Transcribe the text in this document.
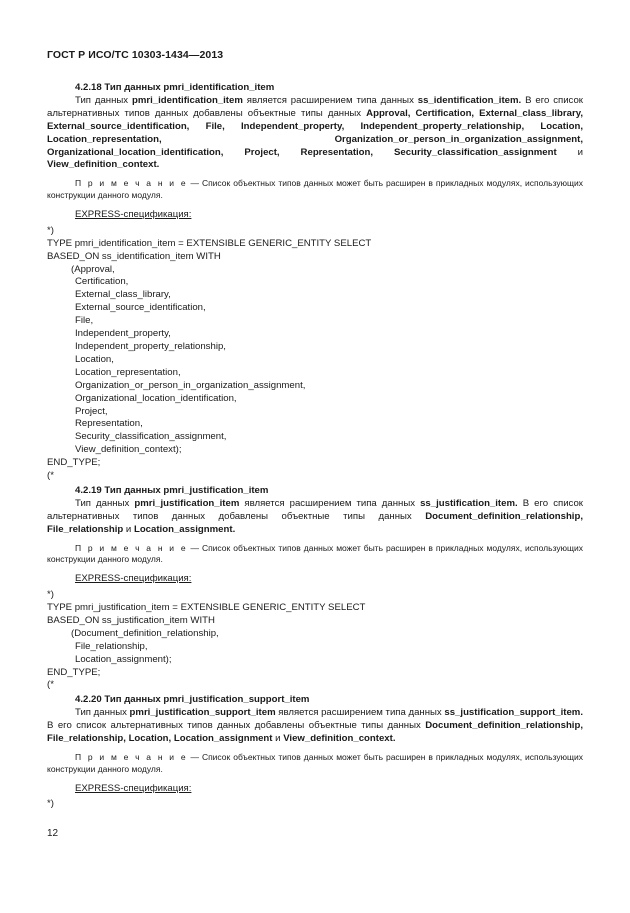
ГОСТ Р ИСО/ТС 10303-1434—2013
4.2.18 Тип данных pmri_identification_item
Тип данных pmri_identification_item является расширением типа данных ss_identification_item. В его список альтернативных типов данных добавлены объектные типы данных Approval, Certification, External_class_library, External_source_identification, File, Independent_property, Independent_property_relationship, Location, Location_representation, Organization_or_person_in_organization_assignment, Organizational_location_identification, Project, Representation, Security_classification_assignment и View_definition_context.
П р и м е ч а н и е — Список объектных типов данных может быть расширен в прикладных модулях, использующих конструкции данного модуля.
EXPRESS-спецификация:
*)
TYPE pmri_identification_item = EXTENSIBLE GENERIC_ENTITY SELECT
BASED_ON ss_identification_item WITH
(Approval,
Certification,
External_class_library,
External_source_identification,
File,
Independent_property,
Independent_property_relationship,
Location,
Location_representation,
Organization_or_person_in_organization_assignment,
Organizational_location_identification,
Project,
Representation,
Security_classification_assignment,
View_definition_context);
END_TYPE;
(*
4.2.19 Тип данных pmri_justification_item
Тип данных pmri_justification_item является расширением типа данных ss_justification_item. В его список альтернативных типов данных добавлены объектные типы данных Document_definition_relationship, File_relationship и Location_assignment.
П р и м е ч а н и е — Список объектных типов данных может быть расширен в прикладных модулях, использующих конструкции данного модуля.
EXPRESS-спецификация:
*)
TYPE pmri_justification_item = EXTENSIBLE GENERIC_ENTITY SELECT
BASED_ON ss_justification_item WITH
(Document_definition_relationship,
File_relationship,
Location_assignment);
END_TYPE;
(*
4.2.20 Тип данных pmri_justification_support_item
Тип данных pmri_justification_support_item является расширением типа данных ss_justification_support_item. В его список альтернативных типов данных добавлены объектные типы данных Document_definition_relationship, File_relationship, Location, Location_assignment и View_definition_context.
П р и м е ч а н и е — Список объектных типов данных может быть расширен в прикладных модулях, использующих конструкции данного модуля.
EXPRESS-спецификация:
*)
12
